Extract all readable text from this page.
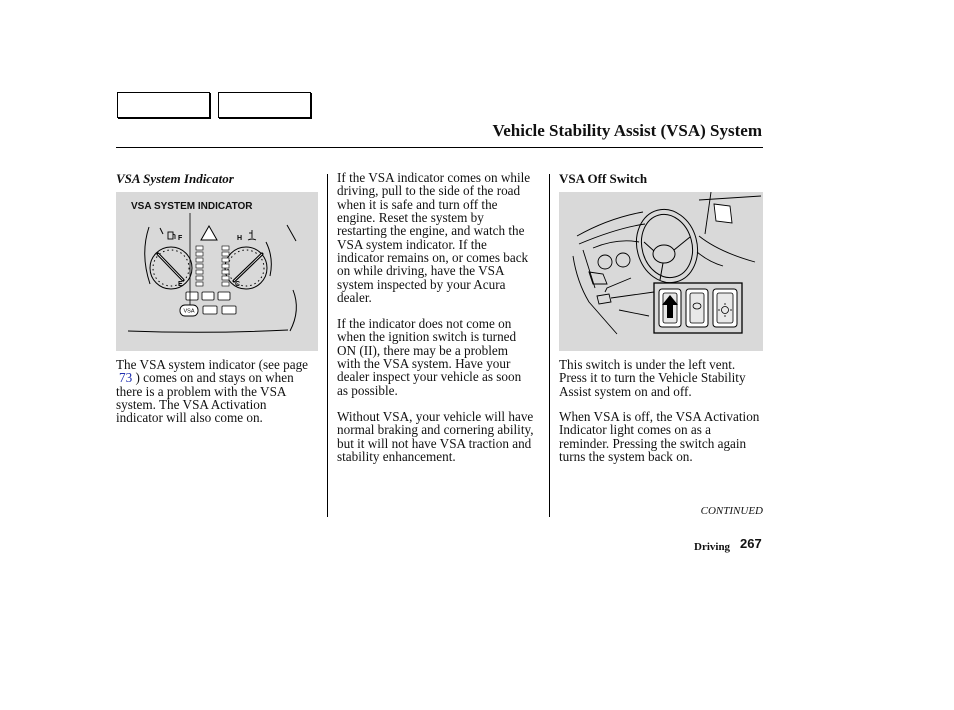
Vehicle Stability Assist (VSA) System
VSA System Indicator
F	H
E	C
VSA
VSA SYSTEM INDICATOR
The VSA system indicator (see page
73 ) comes on and stays on when
there is a problem with the VSA
system. The VSA Activation
indicator will also come on.
If the VSA indicator comes on while
driving, pull to the side of the road
when it is safe and turn off the
engine. Reset the system by
restarting the engine, and watch the
VSA system indicator. If the
indicator remains on, or comes back
on while driving, have the VSA
system inspected by your Acura
dealer.
If the indicator does not come on
when the ignition switch is turned
ON (II), there may be a problem
with the VSA system. Have your
dealer inspect your vehicle as soon
as possible.
Without VSA, your vehicle will have
normal braking and cornering ability,
but it will not have VSA traction and
stability enhancement.
VSA Off Switch
This switch is under the left vent.
Press it to turn the Vehicle Stability
Assist system on and off.
When VSA is off, the VSA Activation
Indicator light comes on as a
reminder. Pressing the switch again
turns the system back on.
CONTINUED
Driving 267
